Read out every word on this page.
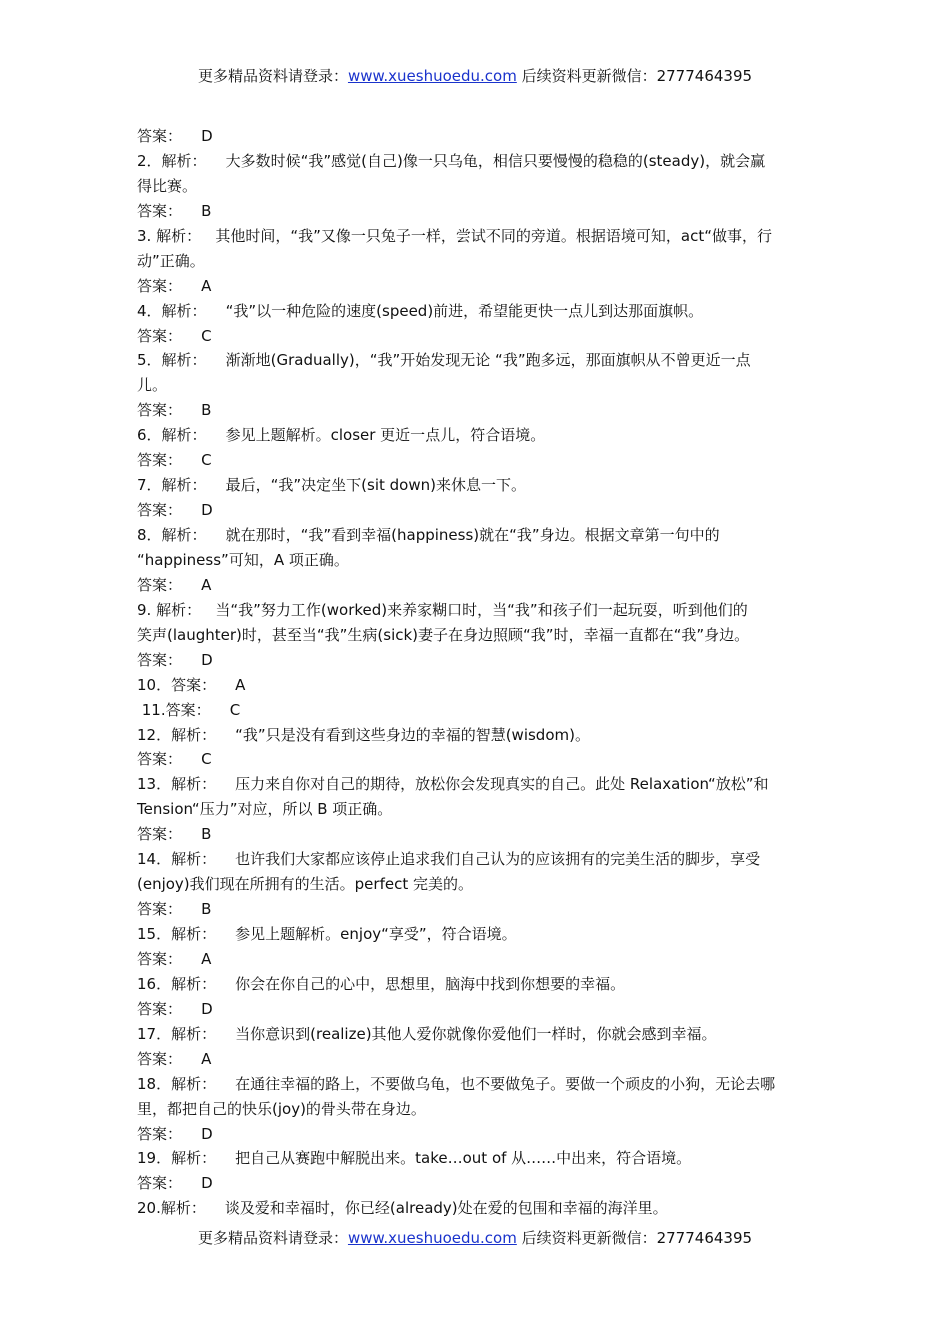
更多精品资料请登录：www.xueshuoedu.com 后续资料更新微信：2777464395
答案：    D
2．解析：    大多数时候“我”感觉(自己)像一只乌龟，相信只要慢慢的稳稳的(steady)，就会赢
得比赛。
答案：    B
3. 解析：   其他时间，“我”又像一只兔子一样，尝试不同的旁道。根据语境可知，act“做事，行
动”正确。
答案：    A
4．解析：    “我”以一种危险的速度(speed)前进，希望能更快一点儿到达那面旗帜。
答案：    C
5．解析：    渐渐地(Gradually)，“我”开始发现无论 “我”跑多远，那面旗帜从不曾更近一点
儿。
答案：    B
6．解析：    参见上题解析。closer 更近一点儿，符合语境。
答案：    C
7．解析：    最后，“我”决定坐下(sit down)来休息一下。
答案：    D
8．解析：    就在那时，“我”看到幸福(happiness)就在“我”身边。根据文章第一句中的
“happiness”可知，A 项正确。
答案：    A
9. 解析：   当“我”努力工作(worked)来养家糊口时，当“我”和孩子们一起玩耍，听到他们的
笑声(laughter)时，甚至当“我”生病(sick)妻子在身边照顾“我”时，幸福一直都在“我”身边。
答案：    D
10．答案：    A
11.答案：    C
12．解析：    “我”只是没有看到这些身边的幸福的智慧(wisdom)。
答案：    C
13．解析：    压力来自你对自己的期待，放松你会发现真实的自己。此处 Relaxation“放松”和
Tension“压力”对应，所以 B 项正确。
答案：    B
14．解析：    也许我们大家都应该停止追求我们自己认为的应该拥有的完美生活的脚步，享受
(enjoy)我们现在所拥有的生活。perfect 完美的。
答案：    B
15．解析：    参见上题解析。enjoy“享受”，符合语境。
答案：    A
16．解析：    你会在你自己的心中，思想里，脑海中找到你想要的幸福。
答案：    D
17．解析：    当你意识到(realize)其他人爱你就像你爱他们一样时，你就会感到幸福。
答案：    A
18．解析：    在通往幸福的路上，不要做乌龟，也不要做兔子。要做一个顽皮的小狗，无论去哪
里，都把自己的快乐(joy)的骨头带在身边。
答案：    D
19．解析：    把自己从赛跑中解脱出来。take…out of 从……中出来，符合语境。
答案：    D
20.解析：    谈及爱和幸福时，你已经(already)处在爱的包围和幸福的海洋里。
更多精品资料请登录：www.xueshuoedu.com 后续资料更新微信：2777464395
